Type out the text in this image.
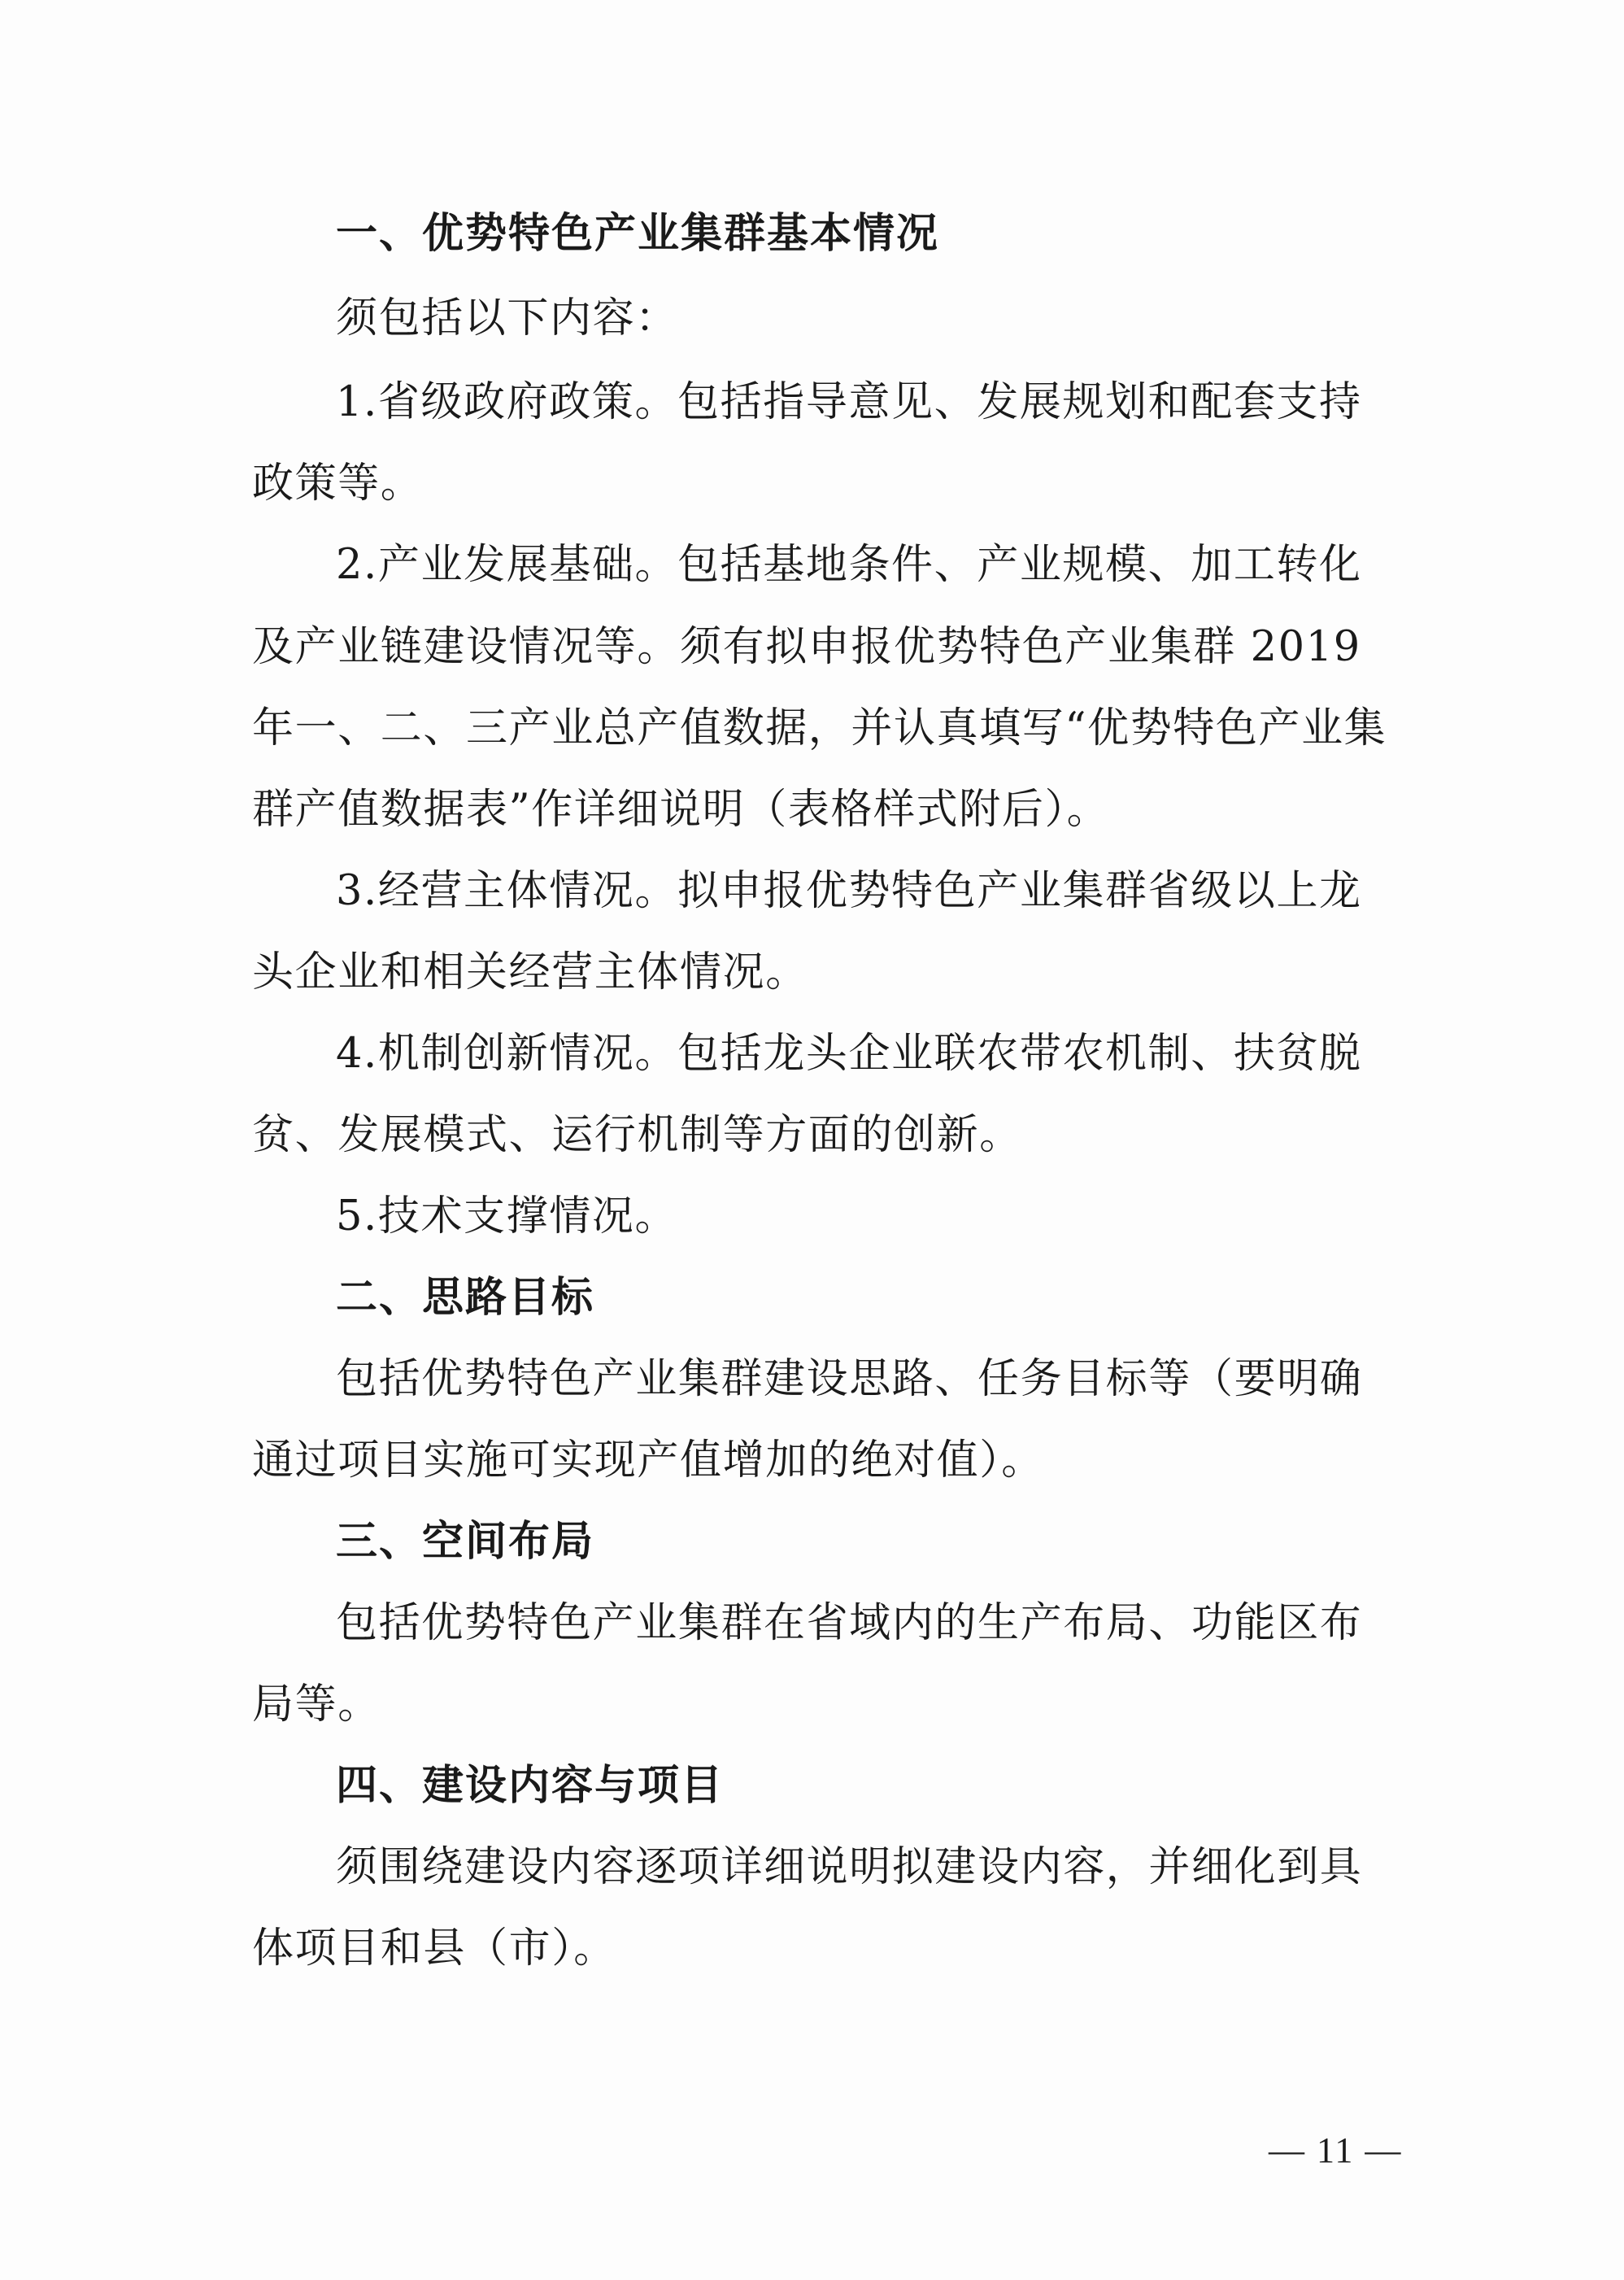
一、优势特色产业集群基本情况
须包括以下内容：
1.省级政府政策。包括指导意见、发展规划和配套支持
政策等。
2.产业发展基础。包括基地条件、产业规模、加工转化
及产业链建设情况等。须有拟申报优势特色产业集群 2019
年一、二、三产业总产值数据，并认真填写“优势特色产业集
群产值数据表”作详细说明（表格样式附后）。
3.经营主体情况。拟申报优势特色产业集群省级以上龙
头企业和相关经营主体情况。
4.机制创新情况。包括龙头企业联农带农机制、扶贫脱
贫、发展模式、运行机制等方面的创新。
5.技术支撑情况。
二、思路目标
包括优势特色产业集群建设思路、任务目标等（要明确
通过项目实施可实现产值增加的绝对值）。
三、空间布局
包括优势特色产业集群在省域内的生产布局、功能区布
局等。
四、建设内容与项目
须围绕建设内容逐项详细说明拟建设内容，并细化到具
体项目和县（市）。
— 11 —
